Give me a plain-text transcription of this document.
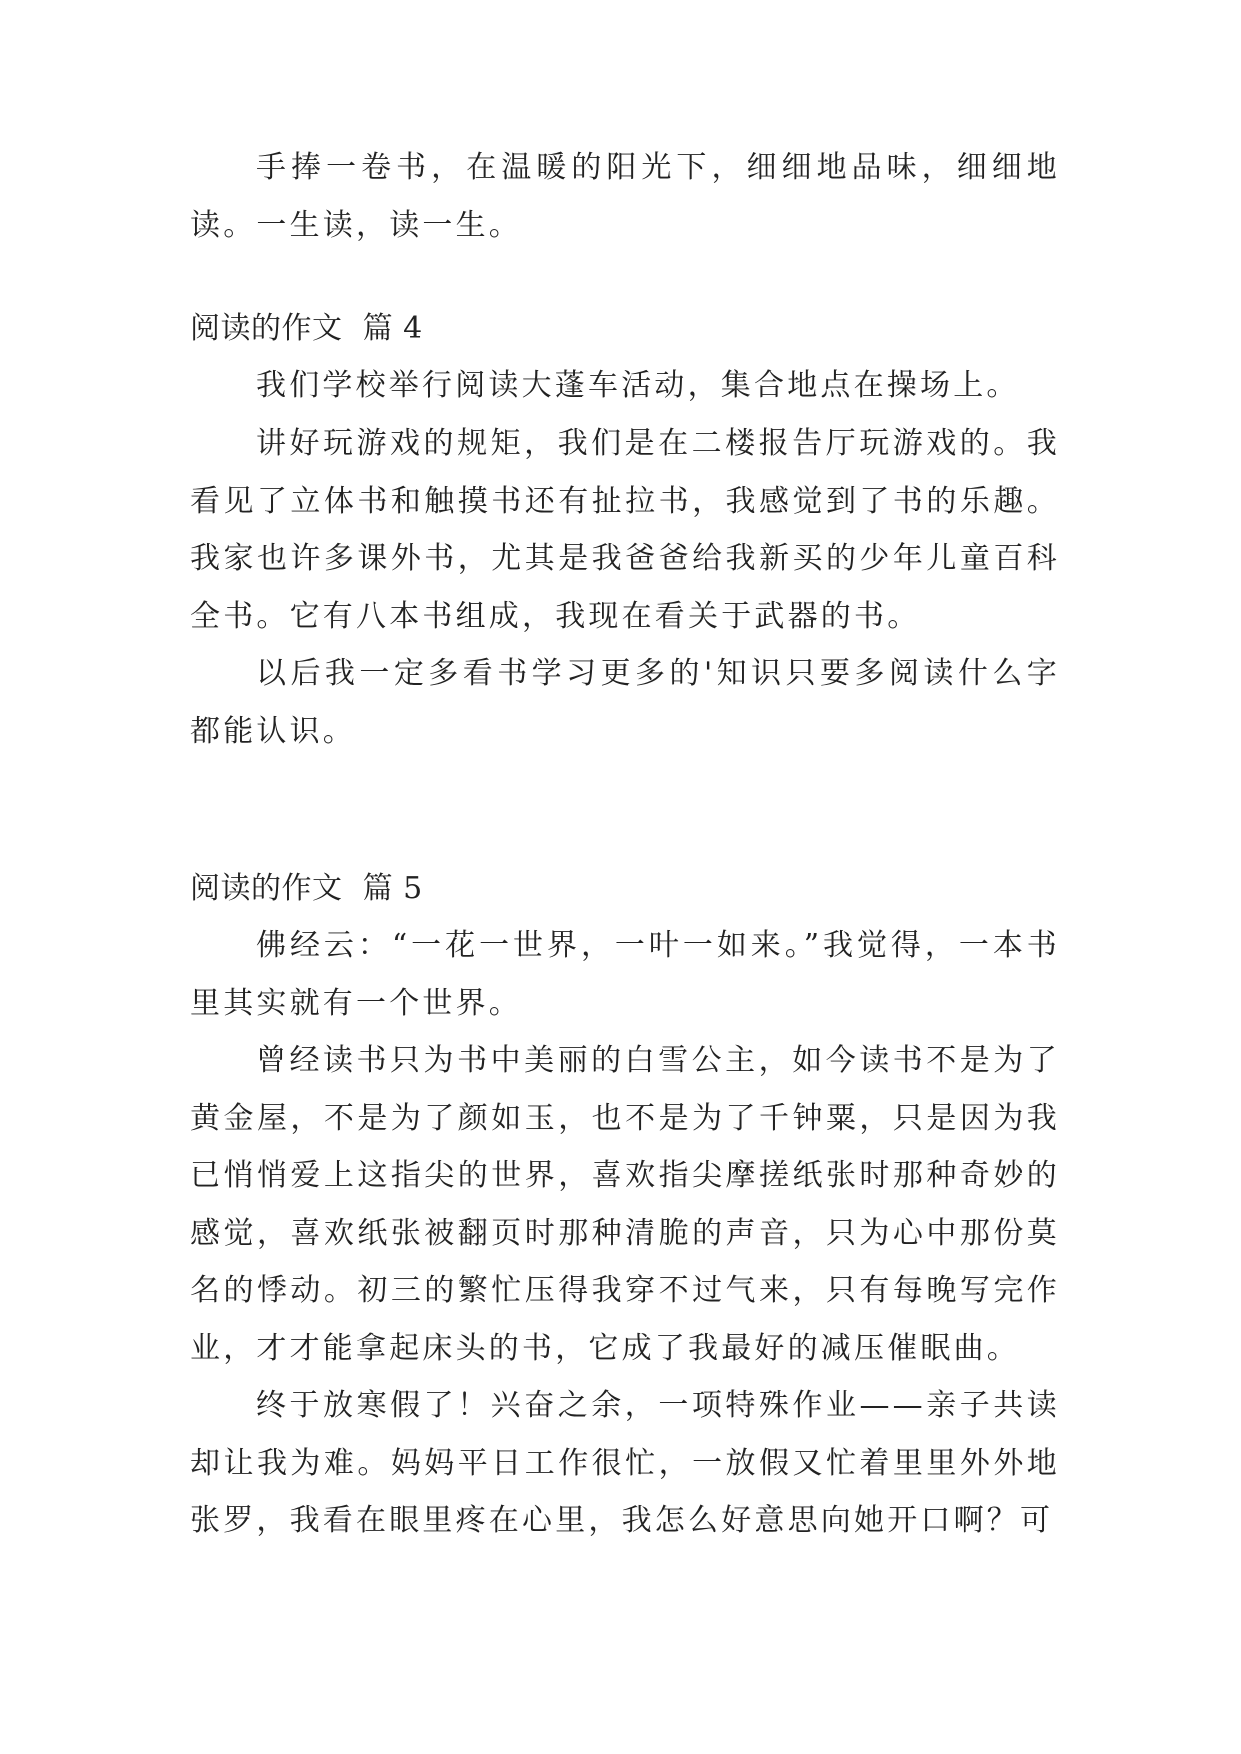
手捧一卷书，在温暖的阳光下，细细地品味，细细地读。一生读，读一生。

阅读的作文  篇 4

我们学校举行阅读大蓬车活动，集合地点在操场上。

讲好玩游戏的规矩，我们是在二楼报告厅玩游戏的。我看见了立体书和触摸书还有扯拉书，我感觉到了书的乐趣。我家也许多课外书，尤其是我爸爸给我新买的少年儿童百科全书。它有八本书组成，我现在看关于武器的书。

以后我一定多看书学习更多的'知识只要多阅读什么字都能认识。

阅读的作文  篇 5

佛经云：“一花一世界，一叶一如来。”我觉得，一本书里其实就有一个世界。

曾经读书只为书中美丽的白雪公主，如今读书不是为了黄金屋，不是为了颜如玉，也不是为了千钟粟，只是因为我已悄悄爱上这指尖的世界，喜欢指尖摩搓纸张时那种奇妙的感觉，喜欢纸张被翻页时那种清脆的声音，只为心中那份莫名的悸动。初三的繁忙压得我穿不过气来，只有每晚写完作业，才才能拿起床头的书，它成了我最好的减压催眠曲。

终于放寒假了！兴奋之余，一项特殊作业——亲子共读却让我为难。妈妈平日工作很忙，一放假又忙着里里外外地张罗，我看在眼里疼在心里，我怎么好意思向她开口啊？可
